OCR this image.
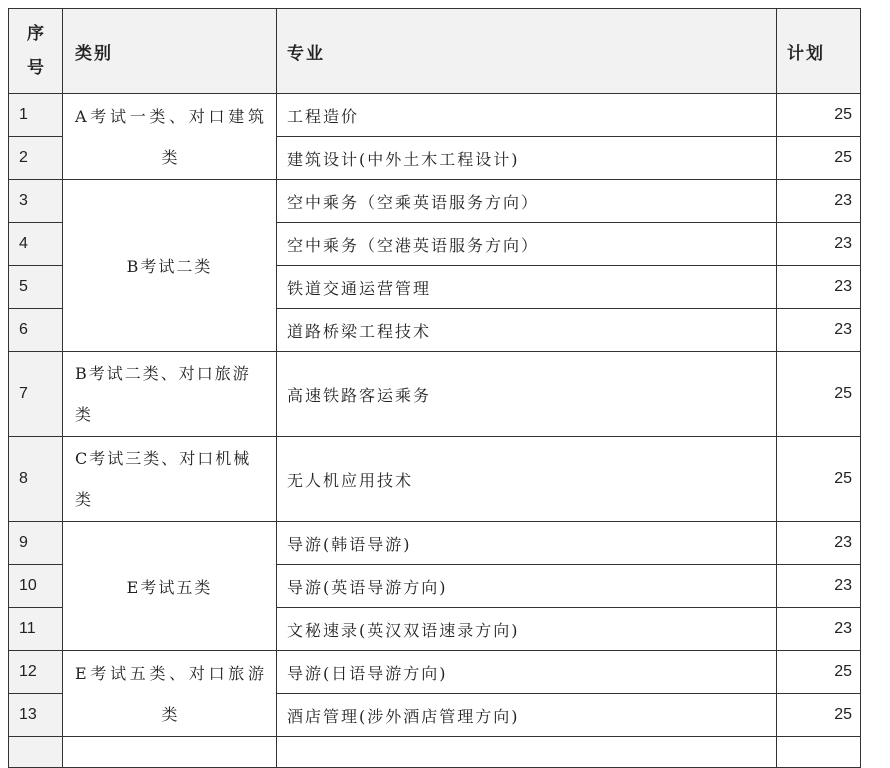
序
号	类别	专业	计划
1	A考试一类、对口建筑类	工程造价	25
2		建筑设计(中外土木工程设计)	25
3	B考试二类	空中乘务（空乘英语服务方向）	23
4		空中乘务（空港英语服务方向）	23
5		铁道交通运营管理	23
6		道路桥梁工程技术	23
7	B考试二类、对口旅游类	高速铁路客运乘务	25
8	C考试三类、对口机械类	无人机应用技术	25
9	E考试五类	导游(韩语导游)	23
10		导游(英语导游方向)	23
11		文秘速录(英汉双语速录方向)	23
12	E考试五类、对口旅游类	导游(日语导游方向)	25
13		酒店管理(涉外酒店管理方向)	25
